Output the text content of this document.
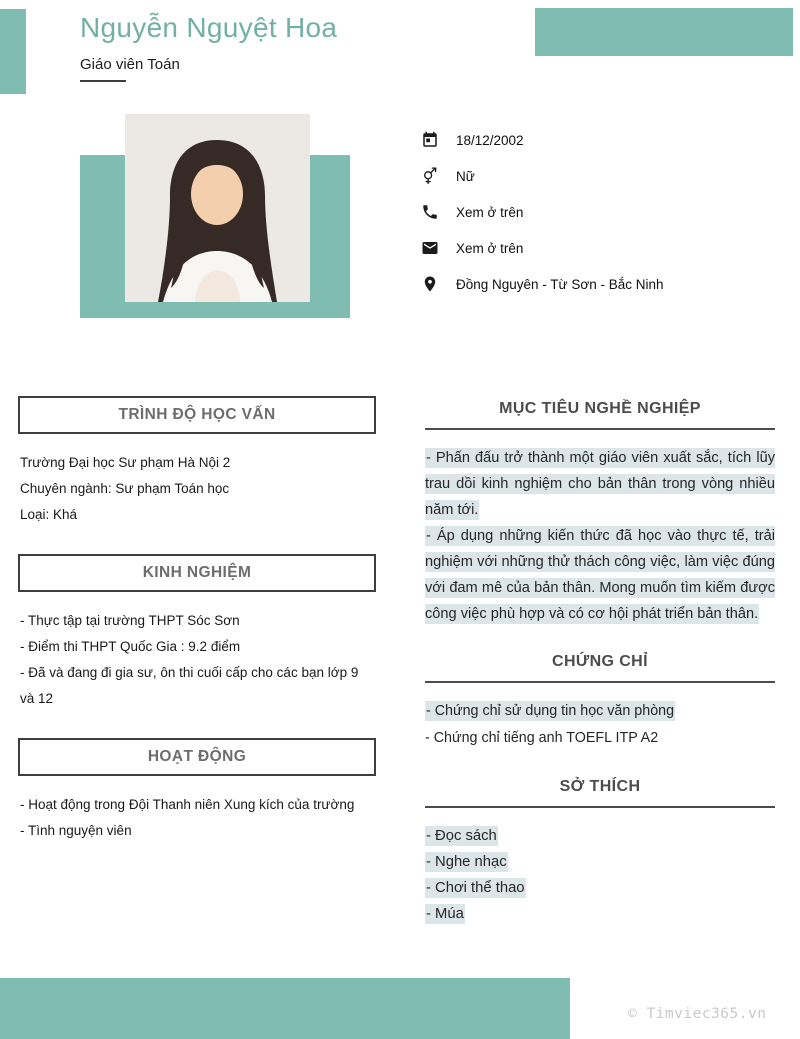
Nguyễn Nguyệt Hoa
Giáo viên Toán
18/12/2002
Nữ
Xem ở trên
Xem ở trên
Đồng Nguyên - Từ Sơn - Bắc Ninh
TRÌNH ĐỘ HỌC VẤN

Trường Đại học Sư phạm Hà Nội 2

Chuyên ngành: Sư phạm Toán học

Loại: Khá

KINH NGHIỆM

- Thực tập tại trường THPT Sóc Sơn

- Điểm thi THPT Quốc Gia : 9.2 điểm

- Đã và đang đi gia sư, ôn thi cuối cấp cho các bạn lớp 9 và 12

HOẠT ĐỘNG

- Hoạt động trong Đội Thanh niên Xung kích của trường

- Tình nguyện viên

MỤC TIÊU NGHỀ NGHIỆP

- Phấn đấu trở thành một giáo viên xuất sắc, tích lũy trau dồi kinh nghiệm cho bản thân trong vòng nhiều năm tới.

- Áp dụng những kiến thức đã học vào thực tế, trải nghiệm với những thử thách công việc, làm việc đúng với đam mê của bản thân. Mong muốn tìm kiếm được công việc phù hợp và có cơ hội phát triển bản thân.

CHỨNG CHỈ

- Chứng chỉ sử dụng tin học văn phòng

- Chứng chỉ tiếng anh TOEFL ITP A2

SỞ THÍCH

- Đọc sách

- Nghe nhạc

- Chơi thể thao

- Múa

© Timviec365.vn
